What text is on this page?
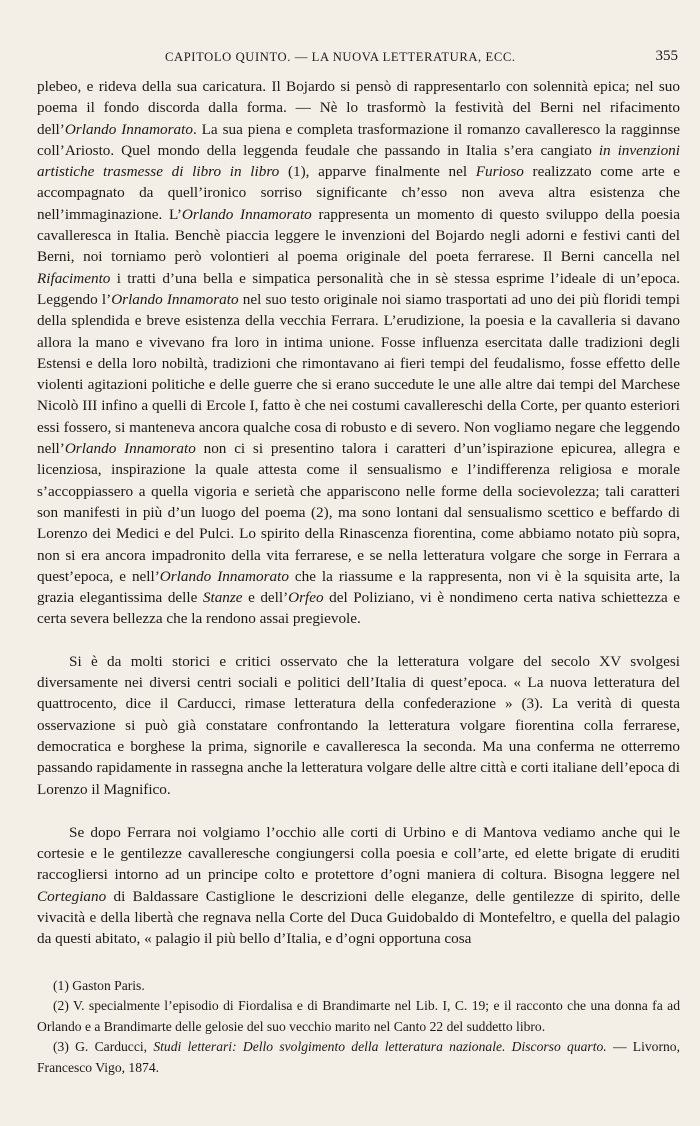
CAPITOLO QUINTO. — LA NUOVA LETTERATURA, ECC.	355

plebeo, e rideva della sua caricatura. Il Bojardo si pensò di rappresentarlo con solennità epica; nel suo poema il fondo discorda dalla forma. — Nè lo trasformò la festività del Berni nel rifacimento dell’Orlando Innamorato. La sua piena e completa trasformazione il romanzo cavalleresco la ragginnse coll’Ariosto. Quel mondo della leggenda feudale che passando in Italia s’era cangiato in invenzioni artistiche trasmesse di libro in libro (1), apparve finalmente nel Furioso realizzato come arte e accompagnato da quell’ironico sorriso significante ch’esso non aveva altra esistenza che nell’immaginazione. L’Orlando Innamorato rappresenta un momento di questo sviluppo della poesia cavalleresca in Italia. Benchè piaccia leggere le invenzioni del Bojardo negli adorni e festivi canti del Berni, noi torniamo però volontieri al poema originale del poeta ferrarese. Il Berni cancella nel Rifacimento i tratti d’una bella e simpatica personalità che in sè stessa esprime l’ideale di un’epoca. Leggendo l’Orlando Innamorato nel suo testo originale noi siamo trasportati ad uno dei più floridi tempi della splendida e breve esistenza della vecchia Ferrara. L’erudizione, la poesia e la cavalleria si davano allora la mano e vivevano fra loro in intima unione. Fosse influenza esercitata dalle tradizioni degli Estensi e della loro nobiltà, tradizioni che rimontavano ai fieri tempi del feudalismo, fosse effetto delle violenti agitazioni politiche e delle guerre che si erano succedute le une alle altre dai tempi del Marchese Nicolò III infino a quelli di Ercole I, fatto è che nei costumi cavallereschi della Corte, per quanto esteriori essi fossero, si manteneva ancora qualche cosa di robusto e di severo. Non vogliamo negare che leggendo nell’Orlando Innamorato non ci si presentino talora i caratteri d’un’ispirazione epicurea, allegra e licenziosa, inspirazione la quale attesta come il sensualismo e l’indifferenza religiosa e morale s’accoppiassero a quella vigoria e serietà che appariscono nelle forme della socievolezza; tali caratteri son manifesti in più d’un luogo del poema (2), ma sono lontani dal sensualismo scettico e beffardo di Lorenzo dei Medici e del Pulci. Lo spirito della Rinascenza fiorentina, come abbiamo notato più sopra, non si era ancora impadronito della vita ferrarese, e se nella letteratura volgare che sorge in Ferrara a quest’epoca, e nell’Orlando Innamorato che la riassume e la rappresenta, non vi è la squisita arte, la grazia elegantissima delle Stanze e dell’Orfeo del Poliziano, vi è nondimeno certa nativa schiettezza e certa severa bellezza che la rendono assai pregievole.

Si è da molti storici e critici osservato che la letteratura volgare del secolo XV svolgesi diversamente nei diversi centri sociali e politici dell’Italia di quest’epoca. « La nuova letteratura del quattrocento, dice il Carducci, rimase letteratura della confederazione » (3). La verità di questa osservazione si può già constatare confrontando la letteratura volgare fiorentina colla ferrarese, democratica e borghese la prima, signorile e cavalleresca la seconda. Ma una conferma ne otterremo passando rapidamente in rassegna anche la letteratura volgare delle altre città e corti italiane dell’epoca di Lorenzo il Magnifico.

Se dopo Ferrara noi volgiamo l’occhio alle corti di Urbino e di Mantova vediamo anche qui le cortesie e le gentilezze cavalleresche congiungersi colla poesia e coll’arte, ed elette brigate di eruditi raccogliersi intorno ad un principe colto e protettore d’ogni maniera di coltura. Bisogna leggere nel Cortegiano di Baldassare Castiglione le descrizioni delle eleganze, delle gentilezze di spirito, delle vivacità e della libertà che regnava nella Corte del Duca Guidobaldo di Montefeltro, e quella del palagio da questi abitato, « palagio il più bello d’Italia, e d’ogni opportuna cosa

(1) Gaston Paris.

(2) V. specialmente l’episodio di Fiordalisa e di Brandimarte nel Lib. I, C. 19; e il racconto che una donna fa ad Orlando e a Brandimarte delle gelosie del suo vecchio marito nel Canto 22 del suddetto libro.

(3) G. Carducci, Studi letterari: Dello svolgimento della letteratura nazionale. Discorso quarto. — Livorno, Francesco Vigo, 1874.
